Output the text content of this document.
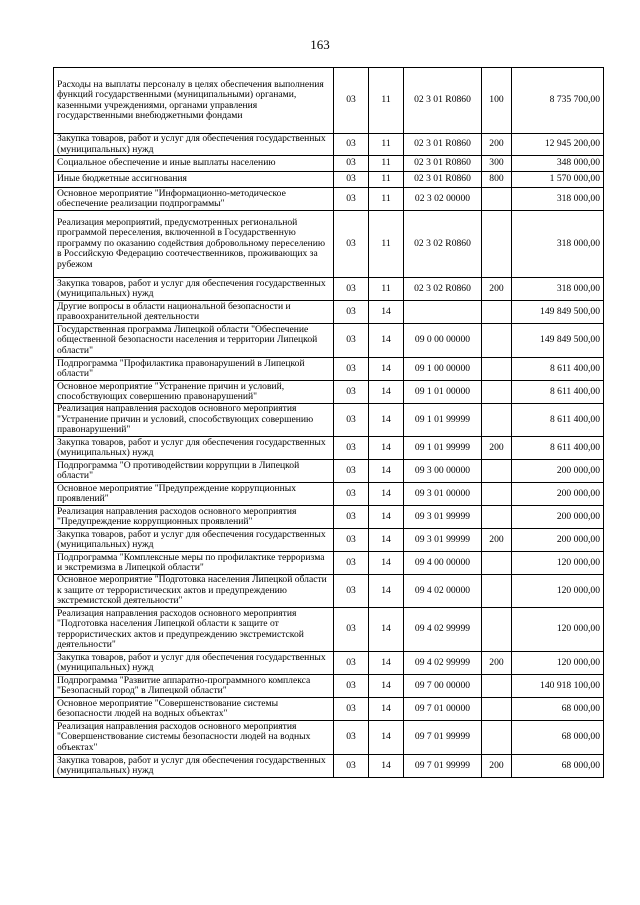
163
Расходы на выплаты персоналу в целях обеспечения выполнения функций государственными (муниципальными) органами, казенными учреждениями, органами управления государственными внебюджетными фондами	03	11	02 3 01 R0860	100	8 735 700,00
Закупка товаров, работ и услуг для обеспечения государственных (муниципальных) нужд	03	11	02 3 01 R0860	200	12 945 200,00
Социальное обеспечение и иные выплаты населению	03	11	02 3 01 R0860	300	348 000,00
Иные бюджетные ассигнования	03	11	02 3 01 R0860	800	1 570 000,00
Основное мероприятие "Информационно-методическое обеспечение реализации подпрограммы"	03	11	02 3 02 00000		318 000,00
Реализация мероприятий, предусмотренных региональной программой переселения, включенной в Государственную программу по оказанию содействия добровольному переселению в Российскую Федерацию соотечественников, проживающих за рубежом	03	11	02 3 02 R0860		318 000,00
Закупка товаров, работ и услуг для обеспечения государственных (муниципальных) нужд	03	11	02 3 02 R0860	200	318 000,00
Другие вопросы в области национальной безопасности и правоохранительной деятельности	03	14			149 849 500,00
Государственная программа Липецкой области "Обеспечение общественной безопасности населения и территории Липецкой области"	03	14	09 0 00 00000		149 849 500,00
Подпрограмма "Профилактика правонарушений в Липецкой области"	03	14	09 1 00 00000		8 611 400,00
Основное мероприятие "Устранение причин и условий, способствующих совершению правонарушений"	03	14	09 1 01 00000		8 611 400,00
Реализация направления расходов основного мероприятия "Устранение причин и условий, способствующих совершению правонарушений"	03	14	09 1 01 99999		8 611 400,00
Закупка товаров, работ и услуг для обеспечения государственных (муниципальных) нужд	03	14	09 1 01 99999	200	8 611 400,00
Подпрограмма "О противодействии коррупции в Липецкой области"	03	14	09 3 00 00000		200 000,00
Основное мероприятие "Предупреждение коррупционных проявлений"	03	14	09 3 01 00000		200 000,00
Реализация направления расходов основного мероприятия "Предупреждение коррупционных проявлений"	03	14	09 3 01 99999		200 000,00
Закупка товаров, работ и услуг для обеспечения государственных (муниципальных) нужд	03	14	09 3 01 99999	200	200 000,00
Подпрограмма "Комплексные меры по профилактике терроризма и экстремизма в Липецкой области"	03	14	09 4 00 00000		120 000,00
Основное мероприятие "Подготовка населения Липецкой области к защите от террористических актов и предупреждению экстремистской деятельности"	03	14	09 4 02 00000		120 000,00
Реализация направления расходов основного мероприятия "Подготовка населения Липецкой области к защите от террористических актов и предупреждению экстремистской деятельности"	03	14	09 4 02 99999		120 000,00
Закупка товаров, работ и услуг для обеспечения государственных (муниципальных) нужд	03	14	09 4 02 99999	200	120 000,00
Подпрограмма "Развитие аппаратно-программного комплекса "Безопасный город" в Липецкой области"	03	14	09 7 00 00000		140 918 100,00
Основное мероприятие "Совершенствование системы безопасности людей на водных объектах"	03	14	09 7 01 00000		68 000,00
Реализация направления расходов основного мероприятия "Совершенствование системы безопасности людей на водных объектах"	03	14	09 7 01 99999		68 000,00
Закупка товаров, работ и услуг для обеспечения государственных (муниципальных) нужд	03	14	09 7 01 99999	200	68 000,00
